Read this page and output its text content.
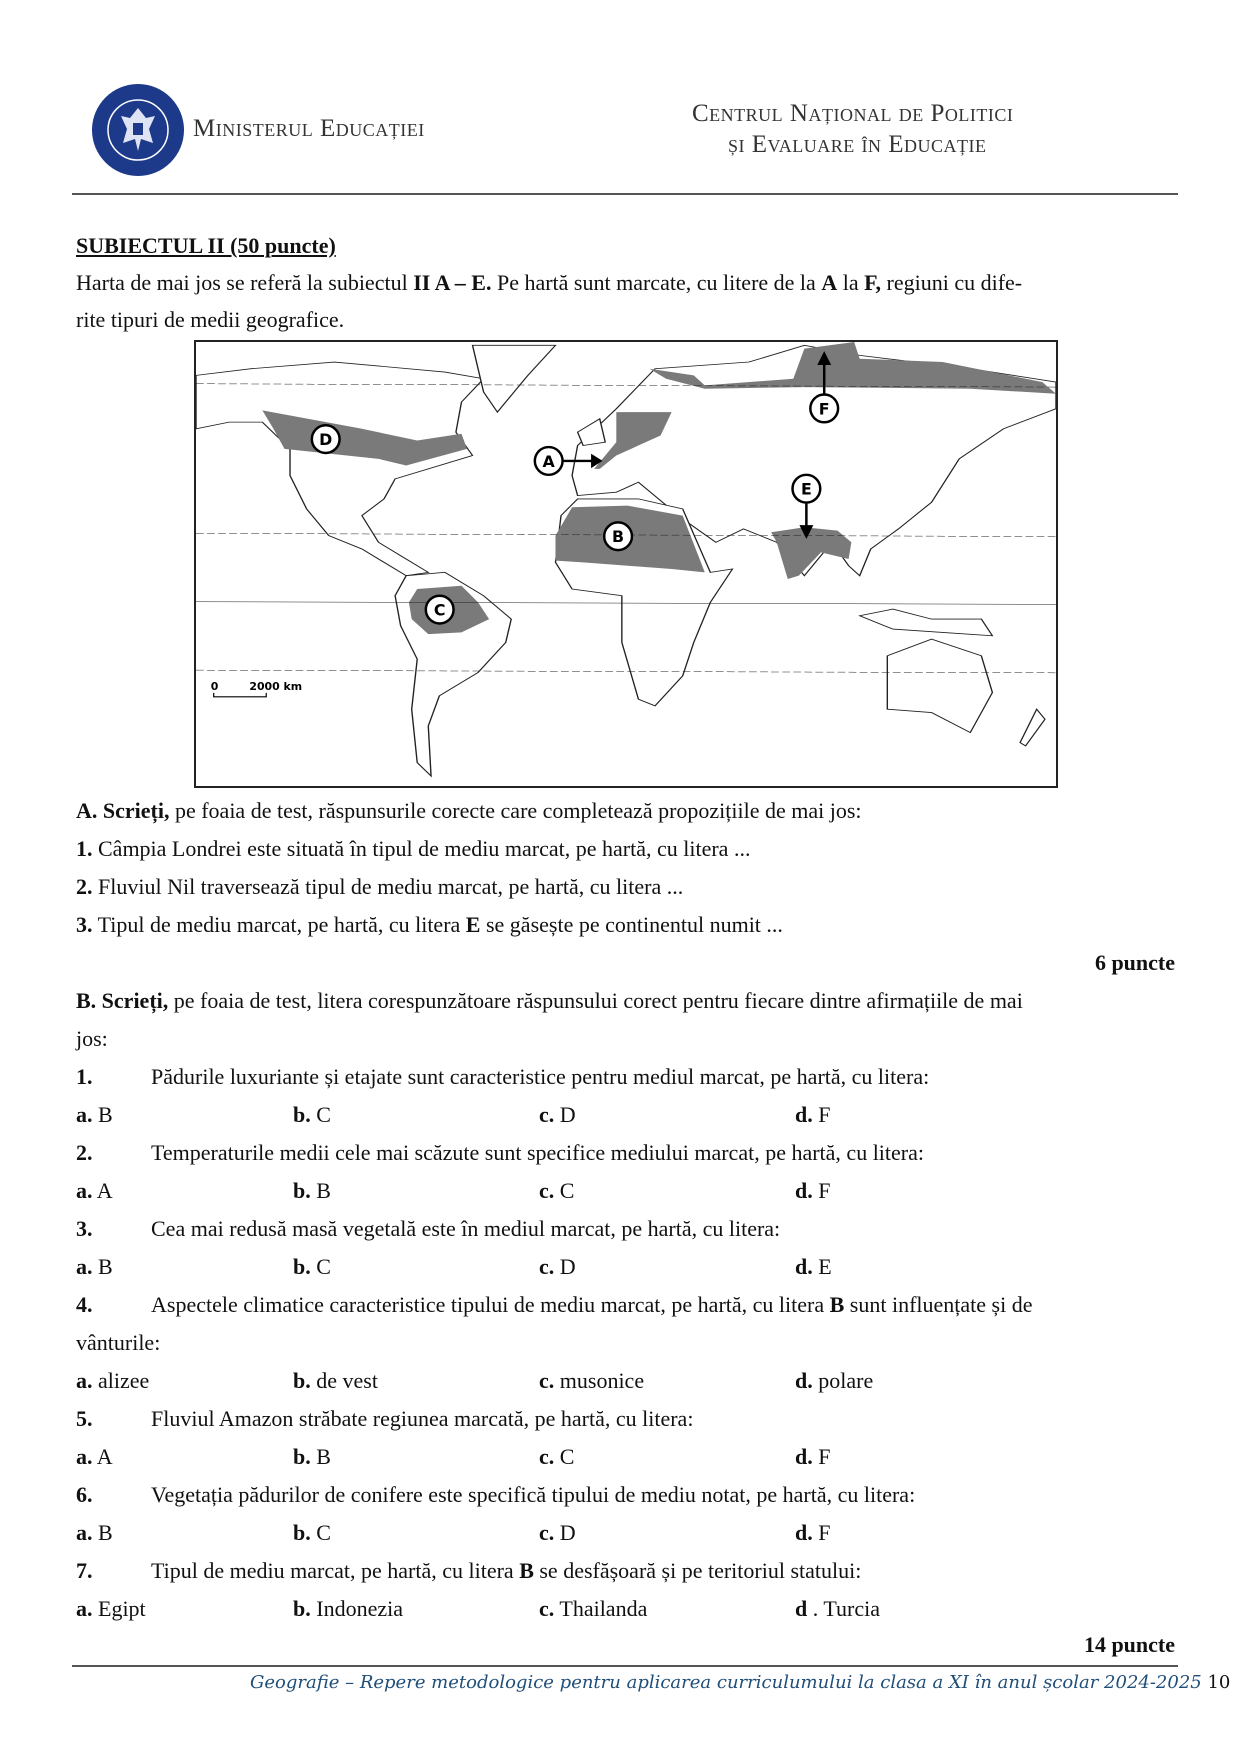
Ministerul Educației
Centrul Național de Politici
și Evaluare în Educație
SUBIECTUL II (50 puncte)
Harta de mai jos se referă la subiectul II A – E. Pe hartă sunt marcate, cu litere de la A la F, regiuni cu dife-
rite tipuri de medii geografice.
D
A
F
E
B
C
0	2000 km
A. Scrieți, pe foaia de test, răspunsurile corecte care completează propozițiile de mai jos:
1. Câmpia Londrei este situată în tipul de mediu marcat, pe hartă, cu litera ...
2. Fluviul Nil traversează tipul de mediu marcat, pe hartă, cu litera ...
3. Tipul de mediu marcat, pe hartă, cu litera E se găsește pe continentul numit ...
6 puncte
B. Scrieți, pe foaia de test, litera corespunzătoare răspunsului corect pentru fiecare dintre afirmațiile de mai
jos:
14 puncte
Geografie – Repere metodologice pentru aplicarea curriculumului la clasa a XI în anul școlar 2024-2025 10
1.	Pădurile luxuriante și etajate sunt caracteristice pentru mediul marcat, pe hartă, cu litera:
a. B	b. C	c. D	d. F
2.	Temperaturile medii cele mai scăzute sunt specifice mediului marcat, pe hartă, cu litera:
a. A	b. B	c. C	d. F
3.	Cea mai redusă masă vegetală este în mediul marcat, pe hartă, cu litera:
a. B	b. C	c. D	d. E
4.	Aspectele climatice caracteristice tipului de mediu marcat, pe hartă, cu litera B sunt influențate și de
vânturile:
a. alizee	b. de vest	c. musonice	d. polare
5.	Fluviul Amazon străbate regiunea marcată, pe hartă, cu litera:
a. A	b. B	c. C	d. F
6.	Vegetația pădurilor de conifere este specifică tipului de mediu notat, pe hartă, cu litera:
a. B	b. C	c. D	d. F
7.	Tipul de mediu marcat, pe hartă, cu litera B se desfășoară și pe teritoriul statului:
a. Egipt	b. Indonezia	c. Thailanda	d . Turcia
